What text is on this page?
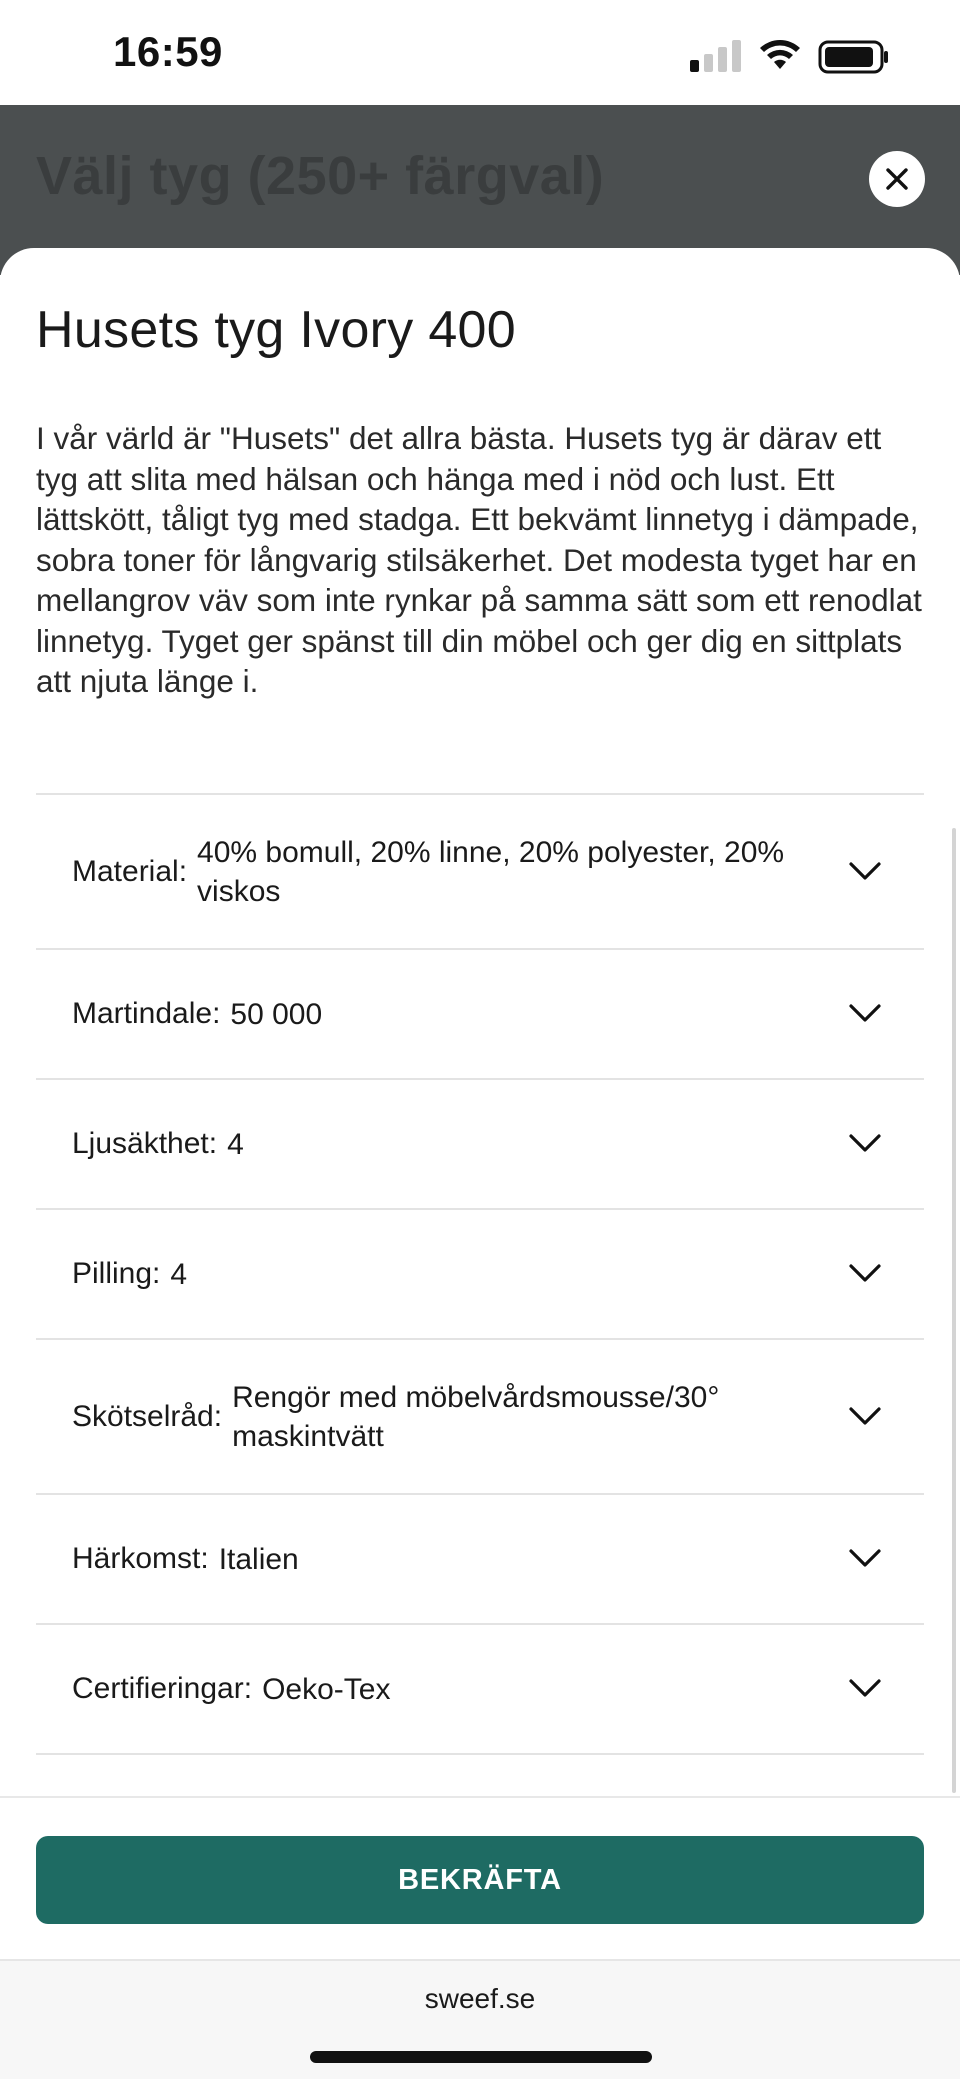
16:59
Välj tyg (250+ färgval)
Husets tyg Ivory 400
I vår värld är "Husets" det allra bästa. Husets tyg är därav ett tyg att slita med hälsan och hänga med i nöd och lust. Ett lättskött, tåligt tyg med stadga. Ett bekvämt linnetyg i dämpade, sobra toner för långvarig stilsäkerhet. Det modesta tyget har en mellangrov väv som inte rynkar på samma sätt som ett renodlat linnetyg. Tyget ger spänst till din möbel och ger dig en sittplats att njuta länge i.
Material:
40% bomull, 20% linne, 20% polyester, 20% viskos
Martindale: 50 000
Ljusäkthet: 4
Pilling: 4
Skötselråd:
Rengör med möbelvårdsmousse/30° maskintvätt
Härkomst: Italien
Certifieringar: Oeko-Tex
BEKRÄFTA
sweef.se
